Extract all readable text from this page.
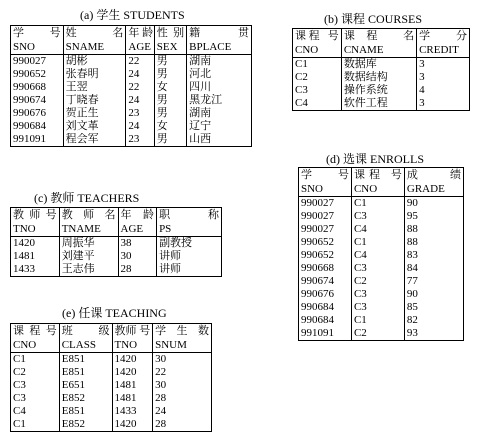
(a) 学生 STUDENTS
学 号	姓 名	年 龄	性 别	籍 贯
SNO	SNAME	AGE	SEX	BPLACE
990027	胡彬	22	男	湖南
990652	张春明	24	男	河北
990668	王翌	22	女	四川
990674	丁晓春	24	男	黑龙江
990676	贺正生	23	男	湖南
990684	刘文革	24	女	辽宁
991091	程会军	23	男	山西
(b) 课程 COURSES
课程 号	课程 名	学 分
CNO	CNAME	CREDIT
C1	数据库	3
C2	数据结构	3
C3	操作系统	4
C4	软件工程	3
(c) 教师 TEACHERS
教 师 号	教 师 名	年 龄	职 称
TNO	TNAME	AGE	PS
1420	周振华	38	副教授
1481	刘建平	30	讲师
1433	王志伟	28	讲师
(d) 选课 ENROLLS
学 号	课程 号	成 绩
SNO	CNO	GRADE
990027	C1	90
990027	C3	95
990027	C4	88
990652	C1	88
990652	C4	83
990668	C3	84
990674	C2	77
990676	C3	90
990684	C3	85
990684	C1	82
991091	C2	93
(e) 任课 TEACHING
课 程 号	班 级	教师 号	学 生 数
CNO	CLASS	TNO	SNUM
C1	E851	1420	30
C2	E851	1420	22
C3	E651	1481	30
C3	E852	1481	28
C4	E851	1433	24
C1	E852	1420	28
